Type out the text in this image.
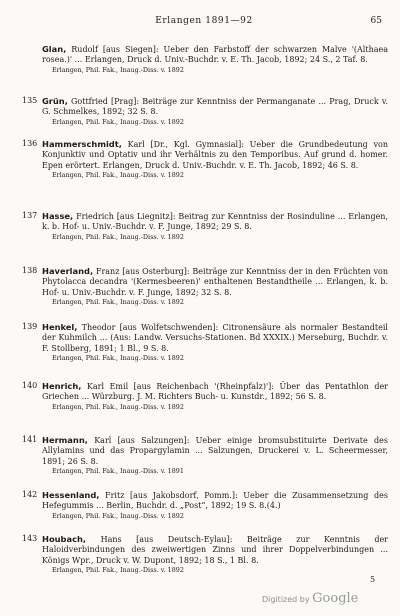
Erlangen 1891—92	65
Glan, Rudolf [aus Siegen]: Ueber den Farbstoff der schwarzen Malve '(Althaea rosea.)' ... Erlangen, Druck d. Univ.-Buchdr. v. E. Th. Jacob, 1892; 24 S., 2 Taf. 8.
Erlangen, Phil. Fak., Inaug.-Diss. v. 1892
135 Grün, Gottfried [Prag]: Beiträge zur Kenntniss der Permanganate ... Prag, Druck v. G. Schmelkes, 1892; 32 S. 8.
Erlangen, Phil. Fak., Inaug.-Diss. v. 1892
136 Hammerschmidt, Karl [Dr., Kgl. Gymnasial]: Ueber die Grundbedeutung von Konjunktiv und Optativ und ihr Verhältnis zu den Temporibus. Auf grund d. homer. Epen erörtert. Erlangen, Druck d. Univ.-Buchdr. v. E. Th. Jacob, 1892; 46 S. 8.
Erlangen, Phil. Fak., Inaug.-Diss. v. 1892
137 Hasse, Friedrich [aus Liegnitz]: Beitrag zur Kenntniss der Rosinduline ... Erlangen, k. b. Hof- u. Univ.-Buchdr. v. F. Junge, 1892; 29 S. 8.
Erlangen, Phil. Fak., Inaug.-Diss. v. 1892
138 Haverland, Franz [aus Osterburg]: Beiträge zur Kenntniss der in den Früchten von Phytolacca decandra '(Kermesbeeren)' enthaltenen Bestandtheile ... Erlangen, k. b. Hof- u. Univ.-Buchdr. v. F. Junge, 1892; 32 S. 8.
Erlangen, Phil. Fak., Inaug.-Diss. v. 1892
139 Henkel, Theodor [aus Wolfetschwenden]: Citronensäure als normaler Bestandteil der Kuhmilch ... (Aus: Landw. Versuchs-Stationen. Bd XXXIX.) Merseburg, Buchdr. v. F. Stollberg, 1891; 1 Bl., 9 S. 8.
Erlangen, Phil. Fak., Inaug.-Diss. v. 1892
140 Henrich, Karl Emil [aus Reichenbach '(Rheinpfalz)']: Über das Pentathlon der Griechen ... Würzburg. J. M. Richters Buch- u. Kunstdr., 1892; 56 S. 8.
Erlangen, Phil. Fak., Inaug.-Diss. v. 1892
141 Hermann, Karl [aus Salzungen]: Ueber einige bromsubstituirte Derivate des Allylamins und das Propargylamin ... Salzungen, Druckerei v. L. Scheermesser, 1891; 26 S. 8.
Erlangen, Phil. Fak., Inaug.-Diss. v. 1891
142 Hessenland, Fritz [aus Jakobsdorf, Pomm.]: Ueber die Zusammensetzung des Hefegummis ... Berlin, Buchdr. d. „Post“, 1892; 19 S. 8.(4.)
Erlangen, Phil. Fak., Inaug.-Diss. v. 1892
143 Houbach, Hans [aus Deutsch-Eylau]: Beiträge zur Kenntnis der Haloidverbindungen des zweiwertigen Zinns und ihrer Doppelverbindungen ... Königs Wpr., Druck v. W. Dupont, 1892; 18 S., 1 Bl. 8.
Erlangen, Phil. Fak., Inaug.-Diss. v. 1892
5
Digitized by Google
